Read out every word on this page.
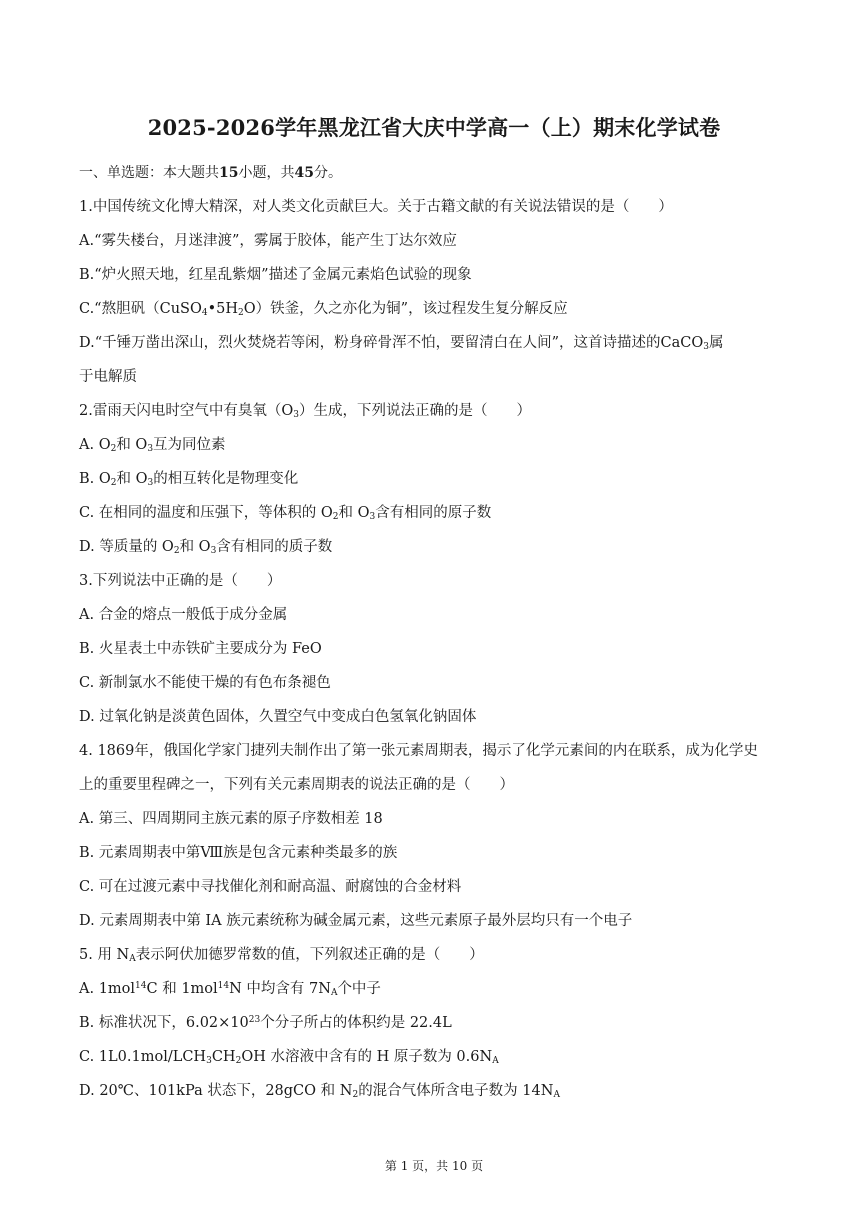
2025-2026学年黑龙江省大庆中学高一（上）期末化学试卷
一、单选题：本大题共15小题，共45分。
1.中国传统文化博大精深，对人类文化贡献巨大。关于古籍文献的有关说法错误的是（　　）
A.“雾失楼台，月迷津渡”，雾属于胶体，能产生丁达尔效应
B.“炉火照天地，红星乱紫烟”描述了金属元素焰色试验的现象
C.“熬胆矾$(CuSO_4•5H_2O)$铁釜，久之亦化为铜”，该过程发生复分解反应
D.“千锤万凿出深山，烈火焚烧若等闲，粉身碎骨浑不怕，要留清白在人间”，这首诗描述的CaCO$_3$属
于电解质
2.雷雨天闪电时空气中有臭氧$(O_3)$生成，下列说法正确的是（　　）
A. $O_2$和 $O_3$互为同位素
B. $O_2$和 $O_3$的相互转化是物理变化
C. 在相同的温度和压强下，等体积的 $O_2$和 $O_3$含有相同的原子数
D. 等质量的 $O_2$和 $O_3$含有相同的质子数
3.下列说法中正确的是（　　）
A. 合金的熔点一般低于成分金属
B. 火星表土中赤铁矿主要成分为 FeO
C. 新制氯水不能使干燥的有色布条褪色
D. 过氧化钠是淡黄色固体，久置空气中变成白色氢氧化钠固体
4. 1869年，俄国化学家门捷列夫制作出了第一张元素周期表，揭示了化学元素间的内在联系，成为化学史
上的重要里程碑之一，下列有关元素周期表的说法正确的是（　　）
A. 第三、四周期同主族元素的原子序数相差 18
B. 元素周期表中第Ⅷ族是包含元素种类最多的族
C. 可在过渡元素中寻找催化剂和耐高温、耐腐蚀的合金材料
D. 元素周期表中第 IA 族元素统称为碱金属元素，这些元素原子最外层均只有一个电子
5. 用 $N_A$表示阿伏加德罗常数的值，下列叙述正确的是（　　）
A. 1mol$^{14}$C 和 1mol$^{14}$N 中均含有 $7N_A$个中子
B. 标准状况下，$6.02\times 10^{23}$个分子所占的体积约是 22.4L
C. $1L0.1mol/LCH_3CH_2OH$ 水溶液中含有的 H 原子数为 $0.6N_A$
D. 20℃、101kPa 状态下，28gCO 和 $N_2$的混合气体所含电子数为 $14N_A$
第 1 页，共 10 页
